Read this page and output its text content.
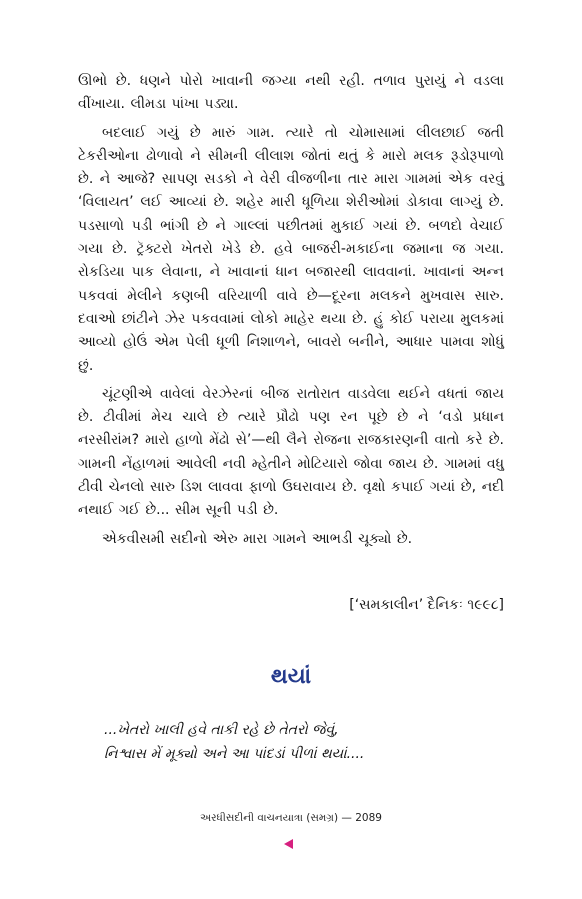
ઊભો છે. ધણને પોરો ખાવાની જગ્યા નથી રહી. તળાવ પુરાયું ને વડલા વીંખાયા. લીમડા પાંખા પડ્યા.

બદલાઈ ગયું છે મારું ગામ. ત્યારે તો ચોમાસામાં લીલછાઈ જતી ટેકરીઓના ઢોળાવો ને સીમની લીલાશ જોતાં થતું કે મારો મલક રૂડોરૂપાળો છે. ને આજે? સાપણ સડકો ને વેરી વીજળીના તાર મારા ગામમાં એક વરવું ‘વિલાયત’ લઈ આવ્યાં છે. શહેર મારી ધૂળિયા શેરીઓમાં ડોકાવા લાગ્યું છે. પડસાળો પડી ભાંગી છે ને ગાલ્લાં પછીતમાં મુકાઈ ગયાં છે. બળદો વેચાઈ ગયા છે. ટ્રૅક્ટરો ખેતરો ખેડે છે. હવે બાજરી-મકાઈના જમાના જ ગયા. રોકડિયા પાક લેવાના, ને ખાવાનાં ધાન બજારથી લાવવાનાં. ખાવાનાં અન્ન પકવવાં મેલીને કણબી વરિયાળી વાવે છે—દૂરના મલકને મુખવાસ સારુ. દવાઓ છાંટીને ઝેર પકવવામાં લોકો માહેર થયા છે. હું કોઈ પરાયા મુલકમાં આવ્યો હોઉં એમ પેલી ધૂળી નિશાળને, બાવરો બનીને, આધાર પામવા શોધું છું.

ચૂંટણીએ વાવેલાં વેરઝેરનાં બીજ રાતોરાત વાડવેલા થઈને વધતાં જાય છે. ટીવીમાં મેચ ચાલે છે ત્યારે પ્રૌઢો પણ રન પૂછે છે ને ‘વડો પ્રધાન નરસીરાંમ? મારો હાળો મેંઢો સે’—થી લૈને રોજના રાજકારણની વાતો કરે છે. ગામની નેંહાળમાં આવેલી નવી મ્હેતીને મોટિયારો જોવા જાય છે. ગામમાં વધુ ટીવી ચેનલો સારુ ડિશ લાવવા ફાળો ઉઘરાવાય છે. વૃક્ષો કપાઈ ગયાં છે, નદી નથાઈ ગઈ છે... સીમ સૂની પડી છે.

એકવીસમી સદીનો એરુ મારા ગામને આભડી ચૂક્યો છે.

[‘સમકાલીન’ દૈનિકઃ ૧૯૯૮]
થયાં
...ખેતરો ખાલી હવે તાકી રહે છે તેતરો જેવું,
નિશ્વાસ મેં મૂક્યો અને આ પાંદડાં પીળાં થયાં....
અરધીસદીની વાચનયાત્રા (સમગ્ર) — 2089
